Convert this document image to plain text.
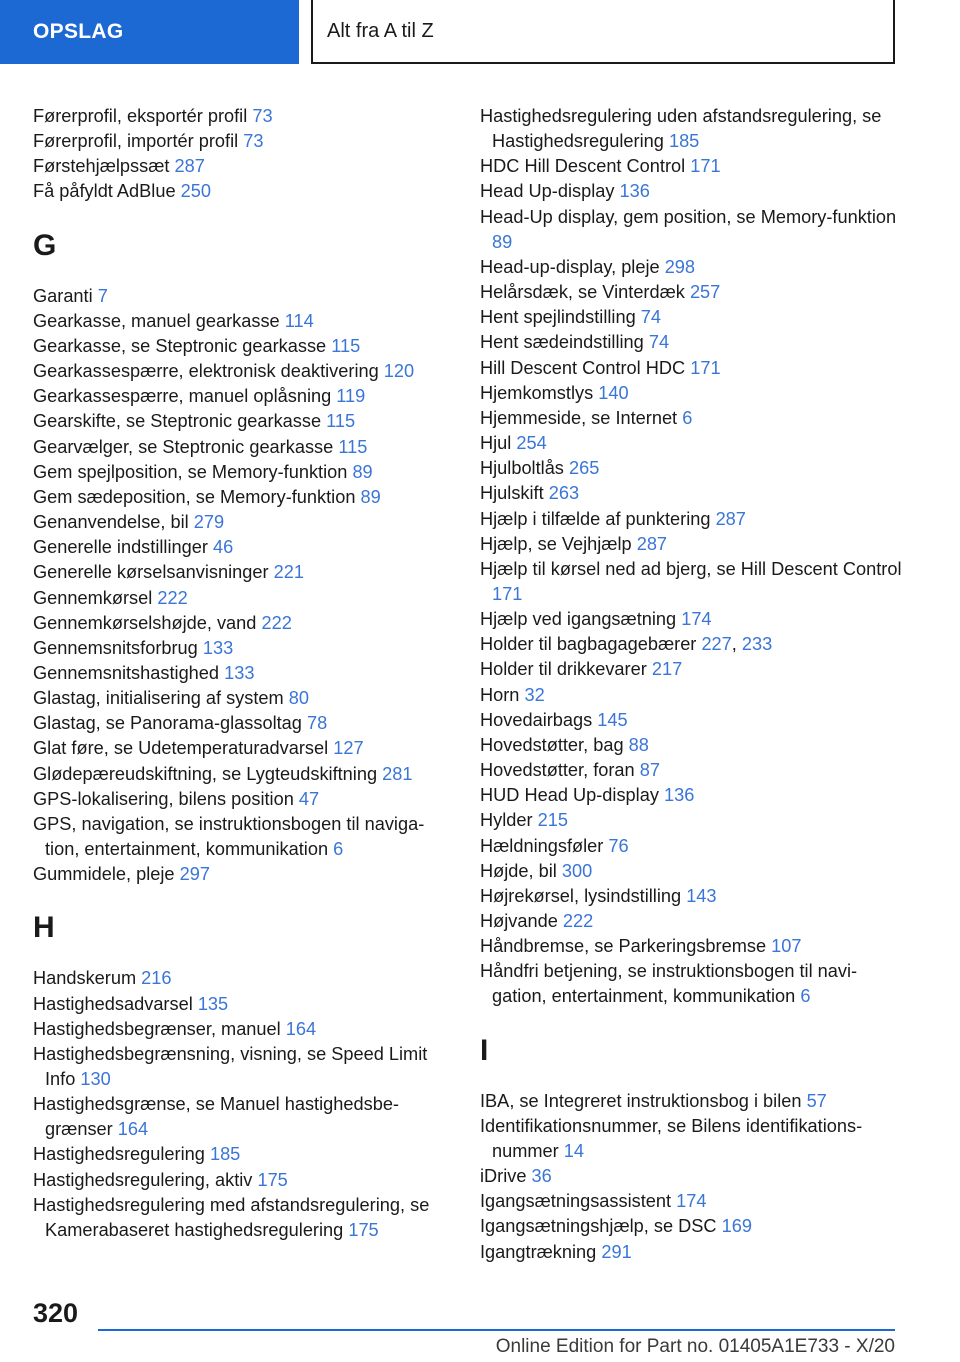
OPSLAG	Alt fra A til Z
Førerprofil, eksportér profil 73
Førerprofil, importér profil 73
Førstehjælpssæt 287
Få påfyldt AdBlue 250
G
Garanti 7
Gearkasse, manuel gearkasse 114
Gearkasse, se Steptronic gearkasse 115
Gearkassespærre, elektronisk deaktivering 120
Gearkassespærre, manuel oplåsning 119
Gearskifte, se Steptronic gearkasse 115
Gearvælger, se Steptronic gearkasse 115
Gem spejlposition, se Memory-funktion 89
Gem sædeposition, se Memory-funktion 89
Genanvendelse, bil 279
Generelle indstillinger 46
Generelle kørselsanvisninger 221
Gennemkørsel 222
Gennemkørselshøjde, vand 222
Gennemsnitsforbrug 133
Gennemsnitshastighed 133
Glastag, initialisering af system 80
Glastag, se Panorama-glassoltag 78
Glat føre, se Udetemperaturadvarsel 127
Glødepæreudskiftning, se Lygteudskiftning 281
GPS-lokalisering, bilens position 47
GPS, navigation, se instruktionsbogen til naviga‐tion, entertainment, kommunikation 6
Gummidele, pleje 297
H
Handskerum 216
Hastighedsadvarsel 135
Hastighedsbegrænser, manuel 164
Hastighedsbegrænsning, visning, se Speed Limit Info 130
Hastighedsgrænse, se Manuel hastighedsbe‐grænser 164
Hastighedsregulering 185
Hastighedsregulering, aktiv 175
Hastighedsregulering med afstandsregulering, se Kamerabaseret hastighedsregulering 175
Hastighedsregulering uden afstandsregulering, se Hastighedsregulering 185
HDC Hill Descent Control 171
Head Up-display 136
Head-Up display, gem position, se Memory-funktion 89
Head-up-display, pleje 298
Helårsdæk, se Vinterdæk 257
Hent spejlindstilling 74
Hent sædeindstilling 74
Hill Descent Control HDC 171
Hjemkomstlys 140
Hjemmeside, se Internet 6
Hjul 254
Hjulboltlås 265
Hjulskift 263
Hjælp i tilfælde af punktering 287
Hjælp, se Vejhjælp 287
Hjælp til kørsel ned ad bjerg, se Hill Descent Control 171
Hjælp ved igangsætning 174
Holder til bagbagagebærer 227, 233
Holder til drikkevarer 217
Horn 32
Hovedairbags 145
Hovedstøtter, bag 88
Hovedstøtter, foran 87
HUD Head Up-display 136
Hylder 215
Hældningsføler 76
Højde, bil 300
Højrekørsel, lysindstilling 143
Højvande 222
Håndbremse, se Parkeringsbremse 107
Håndfri betjening, se instruktionsbogen til navi‐gation, entertainment, kommunikation 6
I
IBA, se Integreret instruktionsbog i bilen 57
Identifikationsnummer, se Bilens identifikations‐nummer 14
iDrive 36
Igangsætningsassistent 174
Igangsætningshjælp, se DSC 169
Igangtrækning 291
320
Online Edition for Part no. 01405A1E733 - X/20
